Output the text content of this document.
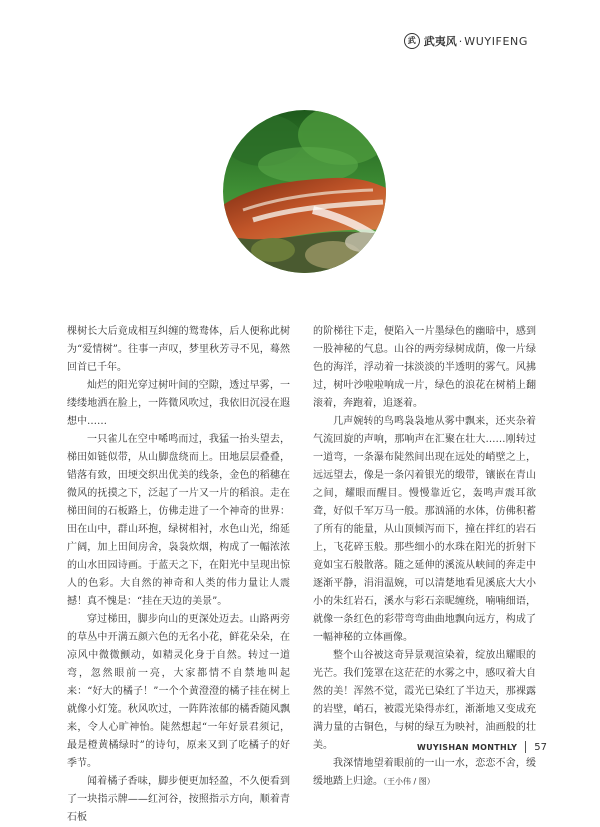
武 武夷风 · WUYIFENG

棵树长大后竟成相互纠缠的鸳鸯体，后人便称此树为“爱情树”。往事一声叹，梦里秋芳寻不见，蓦然回首已千年。

灿烂的阳光穿过树叶间的空隙，透过早雾，一缕缕地洒在脸上，一阵微风吹过，我依旧沉浸在遐想中……

一只雀儿在空中唏鸣而过，我猛一抬头望去，梯田如链似带，从山脚盘绕而上。田地层层叠叠，错落有致，田埂交织出优美的线条，金色的稻穗在微风的抚摸之下，泛起了一片又一片的稻浪。走在梯田间的石板路上，仿佛走进了一个神奇的世界：田在山中，群山环抱，绿树相衬，水色山光，绵延广阔，加上田间房舍，袅袅炊烟，构成了一幅浓浓的山水田园诗画。于蓝天之下，在阳光中呈现出惊人的色彩。大自然的神奇和人类的伟力量让人震撼！真不愧是：“挂在天边的美景”。

穿过梯田，脚步向山的更深处迈去。山路两旁的草丛中开满五颜六色的无名小花，鲜花朵朵，在凉风中微微颤动，如精灵化身于自然。转过一道弯，忽然眼前一亮，大家都情不自禁地叫起来：“好大的橘子！”一个个黄澄澄的橘子挂在树上就像小灯笼。秋风吹过，一阵阵浓郁的橘香随风飘来，令人心旷神怡。陡然想起“一年好景君须记，最是橙黄橘绿时”的诗句，原来又到了吃橘子的好季节。

闻着橘子香味，脚步便更加轻盈，不久便看到了一块指示牌——红河谷，按照指示方向，顺着青石板

的阶梯往下走，便陷入一片墨绿色的幽暗中，感到一股神秘的气息。山谷的两旁绿树成荫，像一片绿色的海洋，浮动着一抹淡淡的半透明的雾气。风拂过，树叶沙啦啦响成一片，绿色的浪花在树梢上翻滚着，奔跑着，追逐着。

几声婉转的鸟鸣袅袅地从雾中飘来，还夹杂着气流回旋的声响，那响声在汇聚在壮大……刚转过一道弯，一条瀑布陡然间出现在远处的峭壁之上，远远望去，像是一条闪着银光的缎带，镶嵌在青山之间，耀眼而醒目。慢慢靠近它，轰鸣声震耳欲聋，好似千军万马一般。那汹涌的水体，仿佛积蓄了所有的能量，从山顶倾泻而下，撞在拌红的岩石上，飞花碎玉般。那些细小的水珠在阳光的折射下竟如宝石般散落。随之延伸的溪流从峡间的奔走中逐渐平静，涓涓温婉，可以清楚地看见溪底大大小小的朱红岩石，溪水与彩石亲昵缠绕，喃喃细语，就像一条红色的彩带弯弯曲曲地飘向远方，构成了一幅神秘的立体画像。

整个山谷被这奇异景观渲染着，绽放出耀眼的光芒。我们笼罩在这茫茫的水雾之中，感叹着大自然的美！浑然不觉，霞光已染红了半边天，那裸露的岩壁，峭石，被霞光染得赤红，渐渐地又变成充满力量的古铜色，与树的绿互为映衬，油画般的壮美。

我深情地望着眼前的一山一水，恋恋不舍，缓缓地踏上归途。（王小伟 / 图）

WUYISHAN MONTHLY 57
